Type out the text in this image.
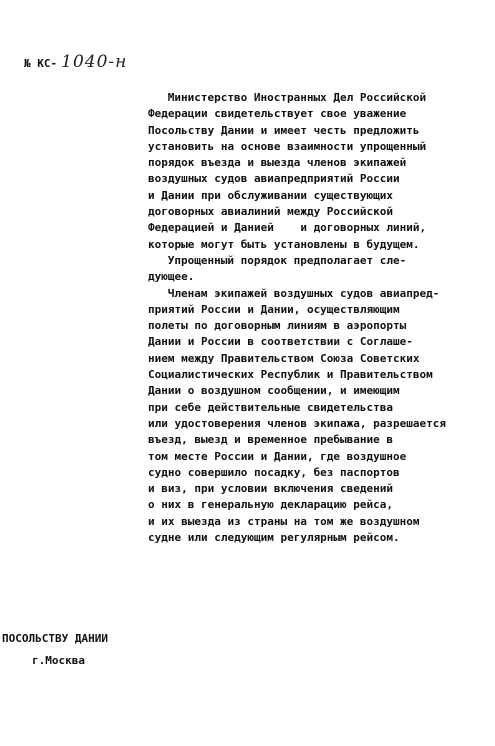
№ КС- 1040-н
Министерство Иностранных Дел Российской
Федерации свидетельствует свое уважение
Посольству Дании и имеет честь предложить
установить на основе взаимности упрощенный
порядок въезда и выезда членов экипажей
воздушных судов авиапредприятий России
и Дании при обслуживании существующих
договорных авиалиний между Российской
Федерацией и Данией    и договорных линий,
которые могут быть установлены в будущем.
Упрощенный порядок предполагает сле-
дующее.
Членам экипажей воздушных судов авиапред-
приятий России и Дании, осуществляющим
полеты по договорным линиям в аэропорты
Дании и России в соответствии с Соглаше-
нием между Правительством Союза Советских
Социалистических Республик и Правительством
Дании о воздушном сообщении, и имеющим
при себе действительные свидетельства
или удостоверения членов экипажа, разрешается
въезд, выезд и временное пребывание в
том месте России и Дании, где воздушное
судно совершило посадку, без паспортов
и виз, при условии включения сведений
о них в генеральную декларацию рейса,
и их выезда из страны на том же воздушном
судне или следующим регулярным рейсом.
ПОСОЛЬСТВУ ДАНИИ
г.Москва
